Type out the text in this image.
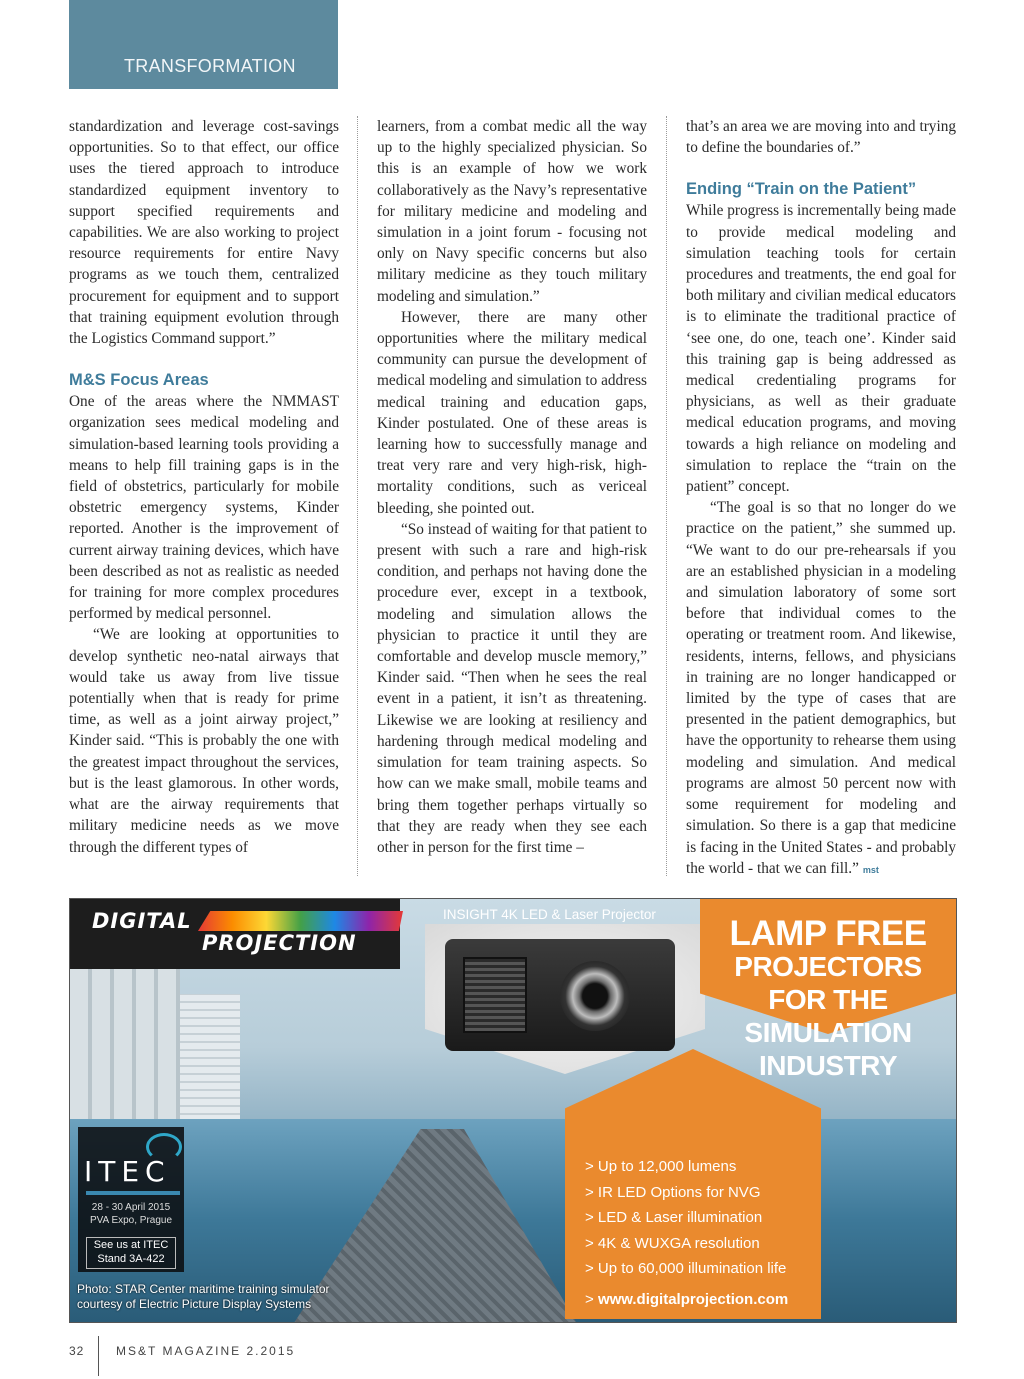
TRANSFORMATION

standardization and leverage cost-savings opportunities. So to that effect, our office uses the tiered approach to introduce standardized equipment inventory to support specified requirements and capabilities. We are also working to project resource requirements for entire Navy programs as we touch them, centralized procurement for equipment and to support that training equipment evolution through the Logistics Command support.”

M&S Focus Areas

One of the areas where the NMMAST organization sees medical modeling and simulation-based learning tools providing a means to help fill training gaps is in the field of obstetrics, particularly for mobile obstetric emergency systems, Kinder reported. Another is the improvement of current airway training devices, which have been described as not as realistic as needed for training for more complex procedures performed by medical personnel.

“We are looking at opportunities to develop synthetic neo-natal airways that would take us away from live tissue potentially when that is ready for prime time, as well as a joint airway project,” Kinder said. “This is probably the one with the greatest impact throughout the services, but is the least glamorous. In other words, what are the airway requirements that military medicine needs as we move through the different types of

learners, from a combat medic all the way up to the highly specialized physician. So this is an example of how we work collaboratively as the Navy’s representative for military medicine and modeling and simulation in a joint forum - focusing not only on Navy specific concerns but also military medicine as they touch military modeling and simulation.”

However, there are many other opportunities where the military medical community can pursue the development of medical modeling and simulation to address medical training and education gaps, Kinder postulated. One of these areas is learning how to successfully manage and treat very rare and very high-risk, high-mortality conditions, such as vericeal bleeding, she pointed out.

“So instead of waiting for that patient to present with such a rare and high-risk condition, and perhaps not having done the procedure ever, except in a textbook, modeling and simulation allows the physician to practice it until they are comfortable and develop muscle memory,” Kinder said. “Then when he sees the real event in a patient, it isn’t as threatening. Likewise we are looking at resiliency and hardening through medical modeling and simulation for team training aspects. So how can we make small, mobile teams and bring them together perhaps virtually so that they are ready when they see each other in person for the first time –

that’s an area we are moving into and trying to define the boundaries of.”

Ending “Train on the Patient”

While progress is incrementally being made to provide medical modeling and simulation teaching tools for certain procedures and treatments, the end goal for both military and civilian medical educators is to eliminate the traditional practice of ‘see one, do one, teach one’. Kinder said this training gap is being addressed as medical credentialing programs for physicians, as well as their graduate medical education programs, and moving towards a high reliance on modeling and simulation to replace the “train on the patient” concept.

“The goal is so that no longer do we practice on the patient,” she summed up. “We want to do our pre-rehearsals if you are an established physician in a modeling and simulation laboratory of some sort before that individual comes to the operating or treatment room. And likewise, residents, interns, fellows, and physicians in training are no longer handicapped or limited by the type of cases that are presented in the patient demographics, but have the opportunity to rehearse them using modeling and simulation. And medical programs are almost 50 percent now with some requirement for modeling and simulation. So there is a gap that medicine is facing in the United States - and probably the world - that we can fill.” mst

DIGITAL
PROJECTION
INSIGHT 4K LED & Laser Projector	LAMP FREE
PROJECTORS
FOR THE
SIMULATION
INDUSTRY
> Up to 12,000 lumens
> IR LED Options for NVG
> LED & Laser illumination
> 4K & WUXGA resolution
> Up to 60,000 illumination life
> www.digitalprojection.com
ITEC
28 - 30 April 2015
PVA Expo, Prague
See us at ITEC
Stand 3A-422
Photo: STAR Center maritime training simulator
courtesy of Electric Picture Display Systems
32	MS&T MAGAZINE 2.2015
